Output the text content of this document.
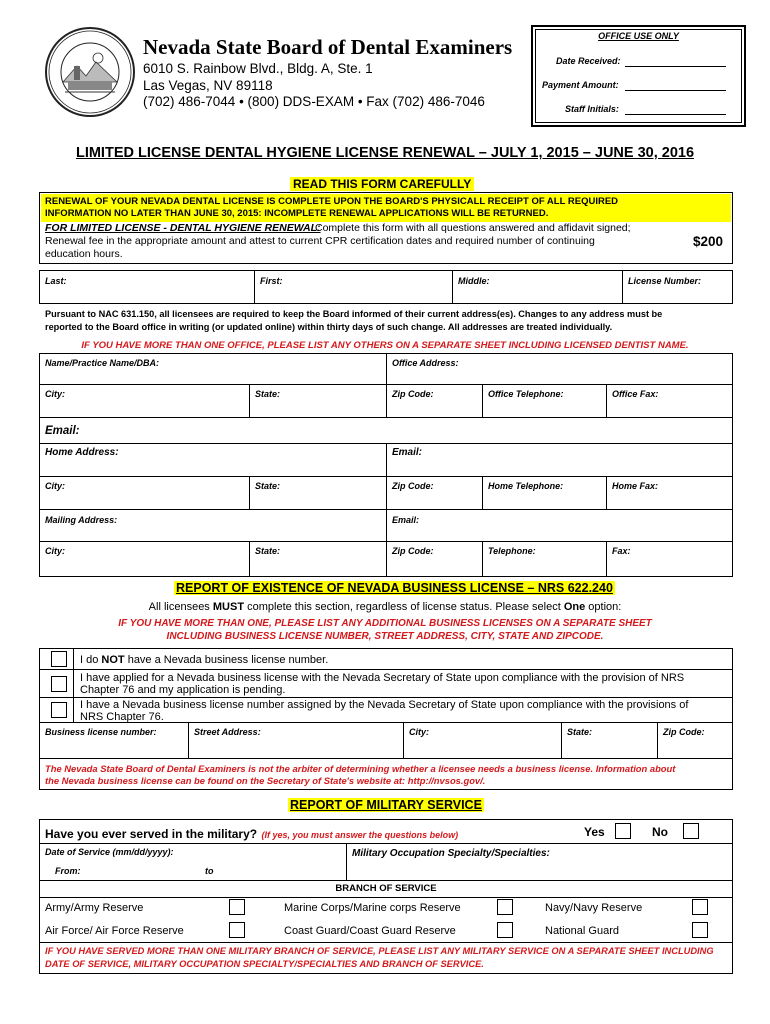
Nevada State Board of Dental Examiners
6010 S. Rainbow Blvd., Bldg. A, Ste. 1
Las Vegas, NV 89118
(702) 486-7044 • (800) DDS-EXAM • Fax (702) 486-7046
OFFICE USE ONLY
Date Received:
Payment Amount:
Staff Initials:
LIMITED LICENSE DENTAL HYGIENE LICENSE RENEWAL – JULY 1, 2015 – JUNE 30, 2016
READ THIS FORM CAREFULLY
RENEWAL OF YOUR NEVADA DENTAL LICENSE IS COMPLETE UPON THE BOARD'S PHYSICALL RECEIPT OF ALL REQUIRED
INFORMATION NO LATER THAN JUNE 30, 2015: INCOMPLETE RENEWAL APPLICATIONS WILL BE RETURNED.
FOR LIMITED LICENSE - DENTAL HYGIENE RENEWAL:
Complete this form with all questions answered and affidavit signed;
Renewal fee in the appropriate amount and attest to current CPR certification dates and required number of continuing
education hours.
$200
Last:	First:	Middle:	License Number:
Pursuant to NAC 631.150, all licensees are required to keep the Board informed of their current address(es). Changes to any address must be
reported to the Board office in writing (or updated online) within thirty days of such change. All addresses are treated individually.
IF YOU HAVE MORE THAN ONE OFFICE, PLEASE LIST ANY OTHERS ON A SEPARATE SHEET INCLUDING LICENSED DENTIST NAME.
Name/Practice Name/DBA:	Office Address:
City:	State:	Zip Code:	Office Telephone:	Office Fax:
Email:
Home Address:	Email:
City:	State:	Zip Code:	Home Telephone:	Home Fax:
Mailing Address:	Email:
City:	State:	Zip Code:	Telephone:	Fax:
REPORT OF EXISTENCE OF NEVADA BUSINESS LICENSE – NRS 622.240
All licensees MUST complete this section, regardless of license status. Please select One option:
IF YOU HAVE MORE THAN ONE, PLEASE LIST ANY ADDITIONAL BUSINESS LICENSES ON A SEPARATE SHEET
INCLUDING BUSINESS LICENSE NUMBER, STREET ADDRESS, CITY, STATE AND ZIPCODE.
I do NOT have a Nevada business license number.
I have applied for a Nevada business license with the Nevada Secretary of State upon compliance with the provision of NRS
Chapter 76 and my application is pending.
I have a Nevada business license number assigned by the Nevada Secretary of State upon compliance with the provisions of
NRS Chapter 76.
Business license number:	Street Address:	City:	State:	Zip Code:
The Nevada State Board of Dental Examiners is not the arbiter of determining whether a licensee needs a business license. Information about
the Nevada business license can be found on the Secretary of State's website at: http://nvsos.gov/.
REPORT OF MILITARY SERVICE
Have you ever served in the military? (If yes, you must answer the questions below)	Yes	No
Date of Service (mm/dd/yyyy):
From:	to
Military Occupation Specialty/Specialties:
BRANCH OF SERVICE
Army/Army Reserve	Marine Corps/Marine corps Reserve	Navy/Navy Reserve
Air Force/ Air Force Reserve	Coast Guard/Coast Guard Reserve	National Guard
IF YOU HAVE SERVED MORE THAN ONE MILITARY BRANCH OF SERVICE, PLEASE LIST ANY MILITARY SERVICE ON A SEPARATE SHEET INCLUDING
DATE OF SERVICE, MILITARY OCCUPATION SPECIALTY/SPECIALTIES AND BRANCH OF SERVICE.
